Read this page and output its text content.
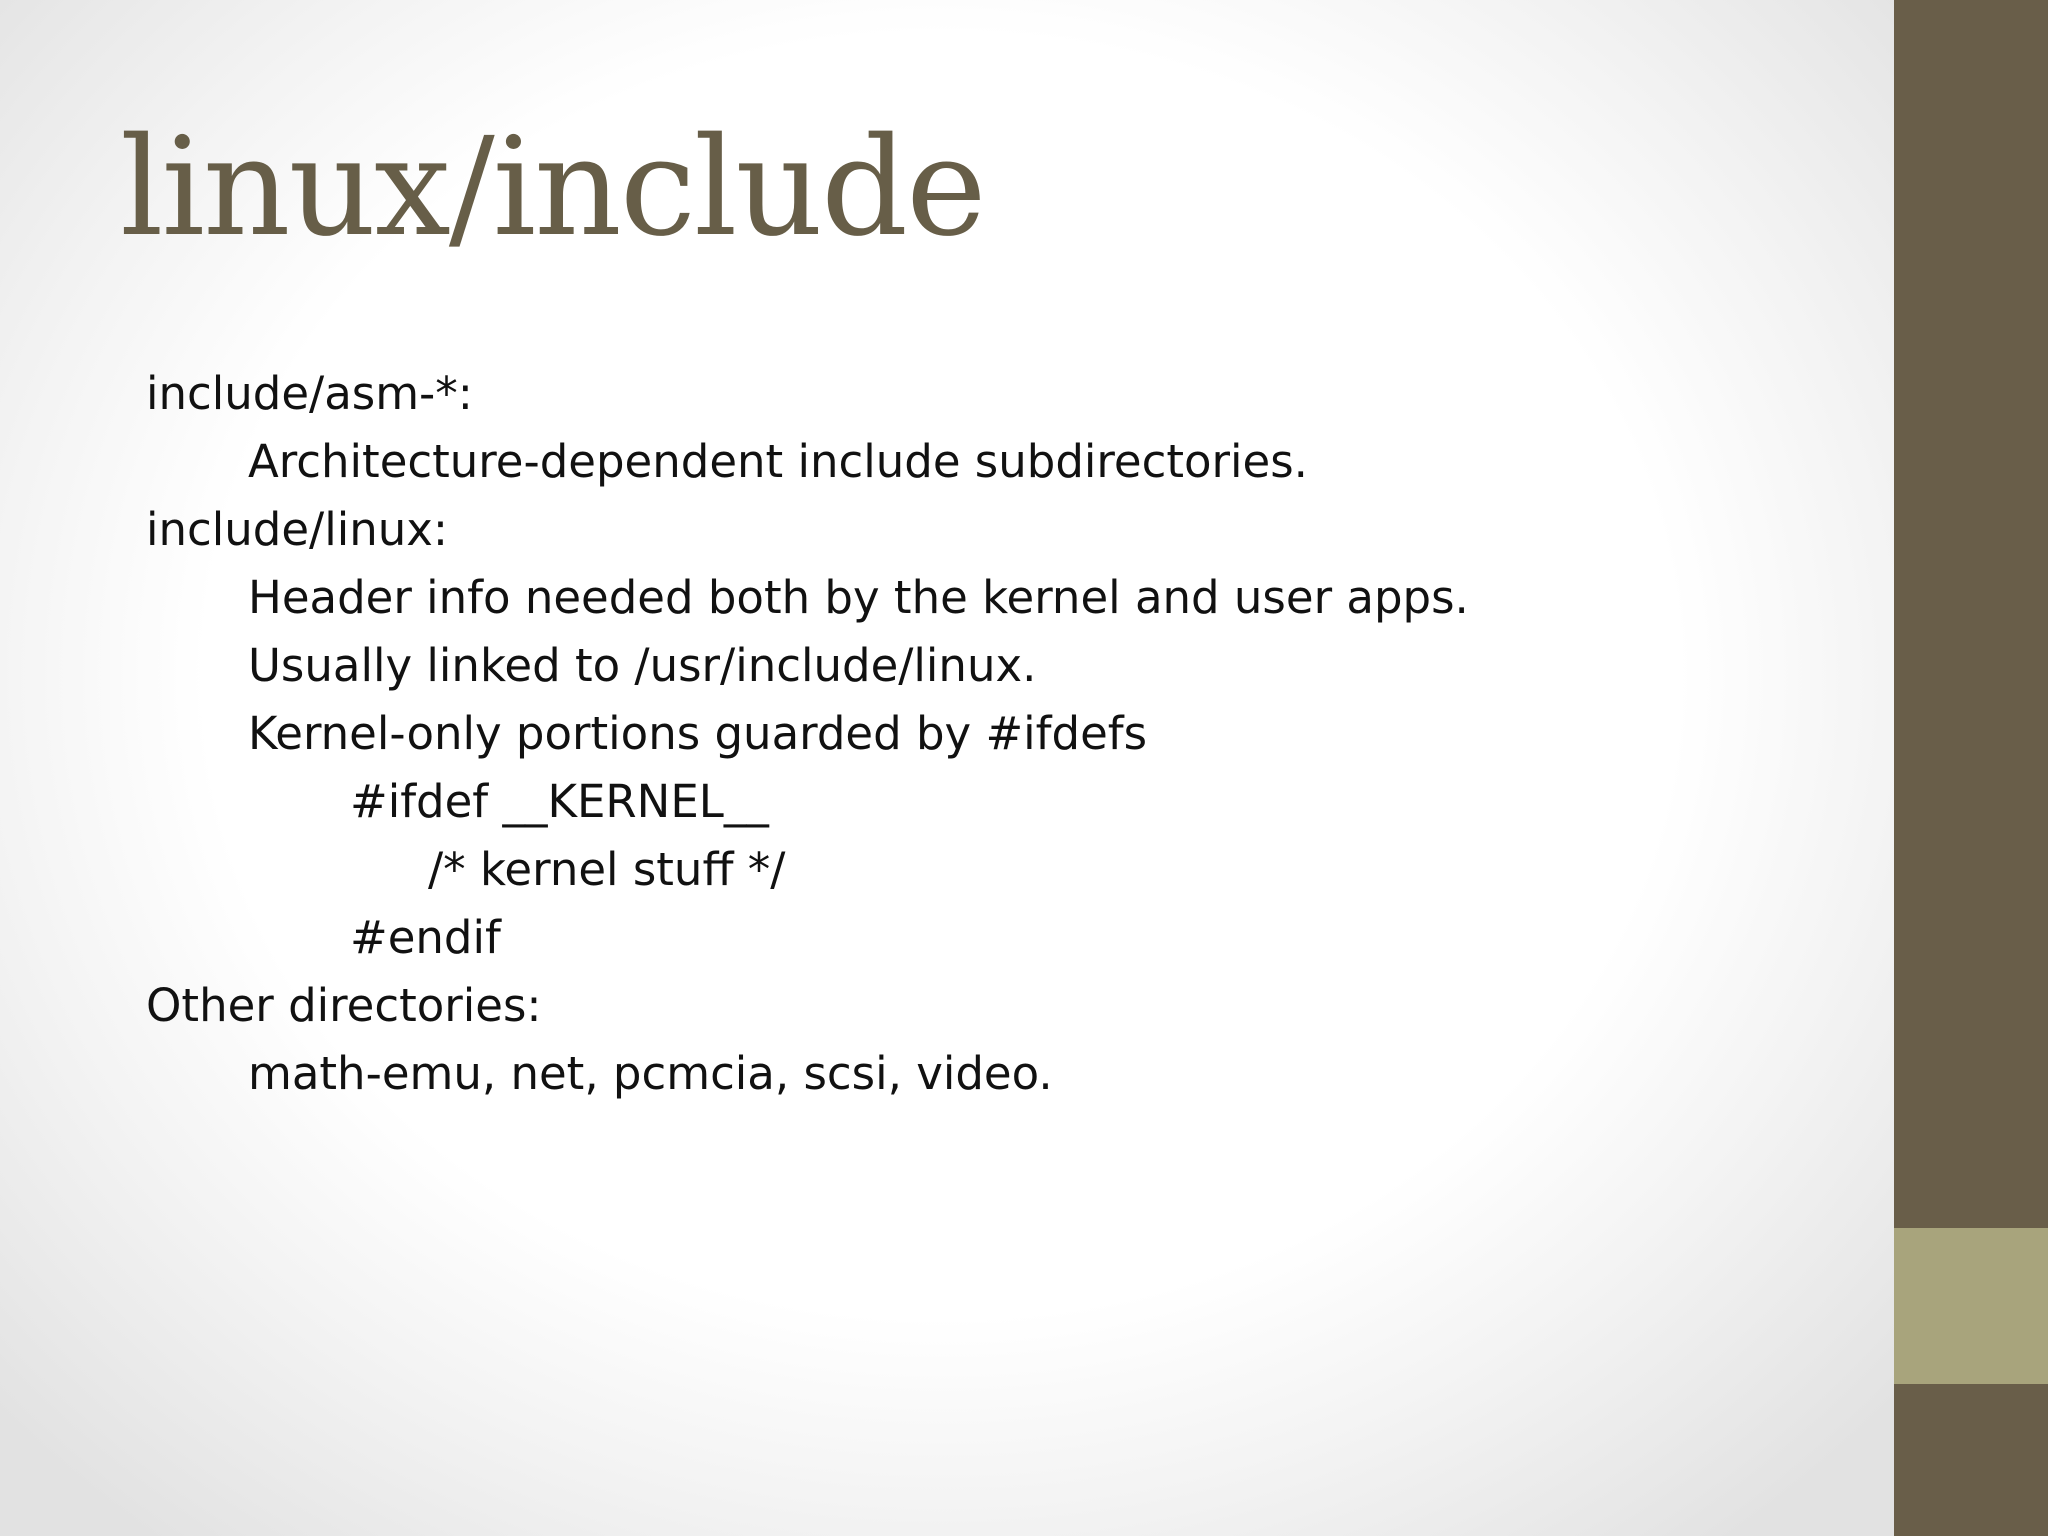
linux/include
include/asm-*:
Architecture-dependent include subdirectories.
include/linux:
Header info needed both by the kernel and user apps.
Usually linked to /usr/include/linux.
Kernel-only portions guarded by #ifdefs
#ifdef __KERNEL__
/* kernel stuff */
#endif
Other directories:
math-emu, net, pcmcia, scsi, video.
